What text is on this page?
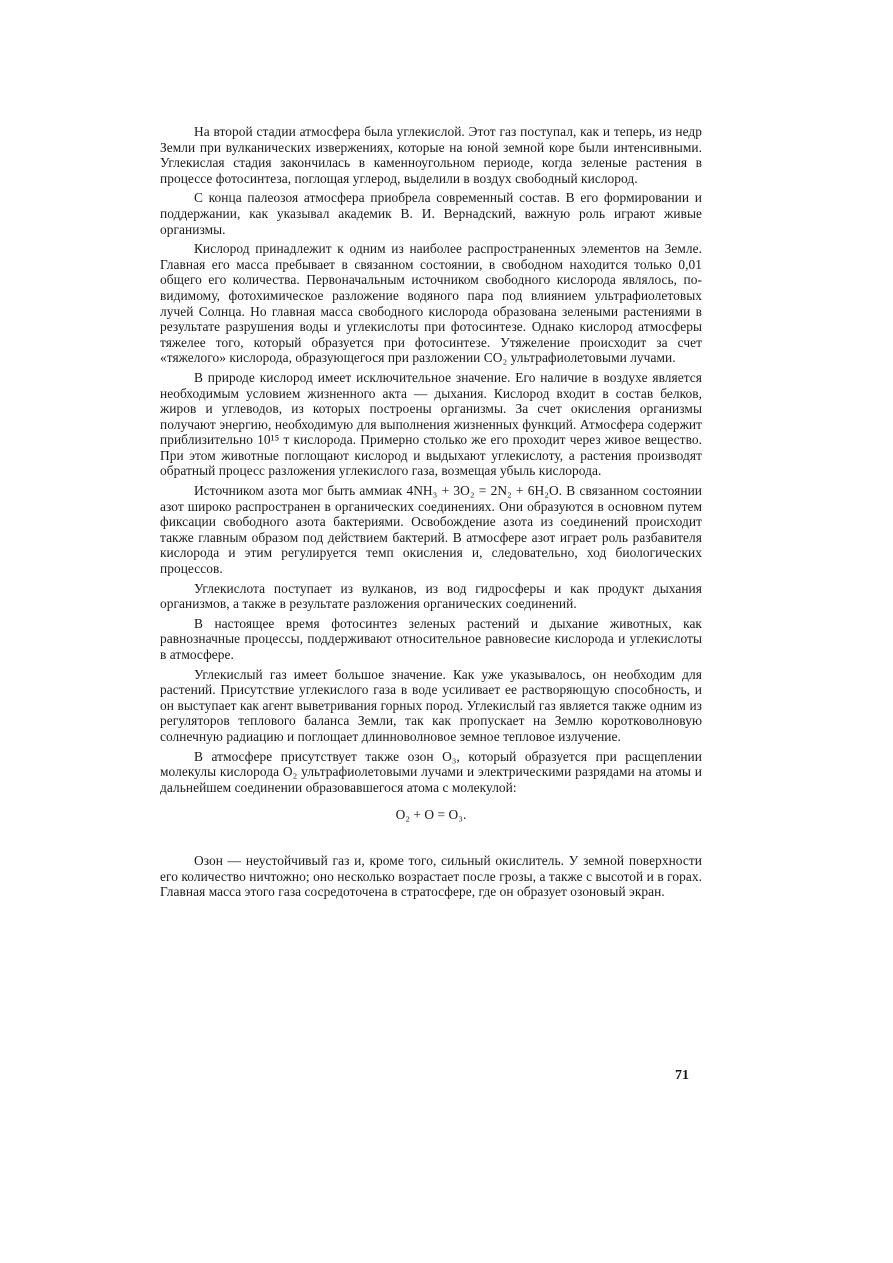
На второй стадии атмосфера была углекислой. Этот газ поступал, как и теперь, из недр Земли при вулканических извержениях, которые на юной земной коре были интенсивными. Углекислая стадия закончилась в каменноугольном периоде, когда зеленые растения в процессе фотосинтеза, поглощая углерод, выделили в воздух свободный кислород.

С конца палеозоя атмосфера приобрела современный состав. В его формировании и поддержании, как указывал академик В. И. Вернадский, важную роль играют живые организмы.

Кислород принадлежит к одним из наиболее распространенных элементов на Земле. Главная его масса пребывает в связанном состоянии, в свободном находится только 0,01 общего его количества. Первоначальным источником свободного кислорода являлось, по-видимому, фотохимическое разложение водяного пара под влиянием ультрафиолетовых лучей Солнца. Но главная масса свободного кислорода образована зелеными растениями в результате разрушения воды и углекислоты при фотосинтезе. Однако кислород атмосферы тяжелее того, который образуется при фотосинтезе. Утяжеление происходит за счет «тяжелого» кислорода, образующегося при разложении CO₂ ультрафиолетовыми лучами.

В природе кислород имеет исключительное значение. Его наличие в воздухе является необходимым условием жизненного акта — дыхания. Кислород входит в состав белков, жиров и углеводов, из которых построены организмы. За счет окисления организмы получают энергию, необходимую для выполнения жизненных функций. Атмосфера содержит приблизительно 10¹⁵ т кислорода. Примерно столько же его проходит через живое вещество. При этом животные поглощают кислород и выдыхают углекислоту, а растения производят обратный процесс разложения углекислого газа, возмещая убыль кислорода.

Источником азота мог быть аммиак 4NH₃ + 3O₂ = 2N₂ + 6H₂O. В связанном состоянии азот широко распространен в органических соединениях. Они образуются в основном путем фиксации свободного азота бактериями. Освобождение азота из соединений происходит также главным образом под действием бактерий. В атмосфере азот играет роль разбавителя кислорода и этим регулируется темп окисления и, следовательно, ход биологических процессов.

Углекислота поступает из вулканов, из вод гидросферы и как продукт дыхания организмов, а также в результате разложения органических соединений.

В настоящее время фотосинтез зеленых растений и дыхание животных, как равнозначные процессы, поддерживают относительное равновесие кислорода и углекислоты в атмосфере.

Углекислый газ имеет большое значение. Как уже указывалось, он необходим для растений. Присутствие углекислого газа в воде усиливает ее растворяющую способность, и он выступает как агент выветривания горных пород. Углекислый газ является также одним из регуляторов теплового баланса Земли, так как пропускает на Землю коротковолновую солнечную радиацию и поглощает длинноволновое земное тепловое излучение.

В атмосфере присутствует также озон O₃, который образуется при расщеплении молекулы кислорода O₂ ультрафиолетовыми лучами и электрическими разрядами на атомы и дальнейшем соединении образовавшегося атома с молекулой:

O₂ + O = O₃.

Озон — неустойчивый газ и, кроме того, сильный окислитель. У земной поверхности его количество ничтожно; оно несколько возрастает после грозы, а также с высотой и в горах. Главная масса этого газа сосредоточена в стратосфере, где он образует озоновый экран.

71
